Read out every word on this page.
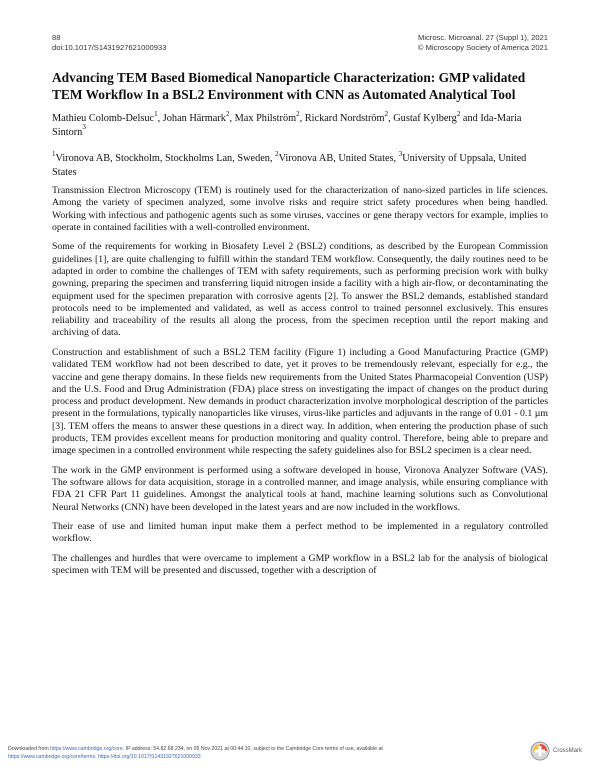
88
doi:10.1017/S1431927621000933
Microsc. Microanal. 27 (Suppl 1), 2021
© Microscopy Society of America 2021
Advancing TEM Based Biomedical Nanoparticle Characterization: GMP validated TEM Workflow In a BSL2 Environment with CNN as Automated Analytical Tool
Mathieu Colomb-Delsuc$^1$, Johan Härmark$^2$, Max Philström$^2$, Rickard Nordström$^2$, Gustaf Kylberg$^2$ and Ida-Maria Sintorn$^3$
$^1$Vironova AB, Stockholm, Stockholms Lan, Sweden, $^2$Vironova AB, United States, $^3$University of Uppsala, United States

Transmission Electron Microscopy (TEM) is routinely used for the characterization of nano-sized particles in life sciences. Among the variety of specimen analyzed, some involve risks and require strict safety procedures when being handled. Working with infectious and pathogenic agents such as some viruses, vaccines or gene therapy vectors for example, implies to operate in contained facilities with a well-controlled environment.

Some of the requirements for working in Biosafety Level 2 (BSL2) conditions, as described by the European Commission guidelines [1], are quite challenging to fulfill within the standard TEM workflow. Consequently, the daily routines need to be adapted in order to combine the challenges of TEM with safety requirements, such as performing precision work with bulky gowning, preparing the specimen and transferring liquid nitrogen inside a facility with a high air-flow, or decontaminating the equipment used for the specimen preparation with corrosive agents [2]. To answer the BSL2 demands, established standard protocols need to be implemented and validated, as well as access control to trained personnel exclusively. This ensures reliability and traceability of the results all along the process, from the specimen reception until the report making and archiving of data.

Construction and establishment of such a BSL2 TEM facility (Figure 1) including a Good Manufacturing Practice (GMP) validated TEM workflow had not been described to date, yet it proves to be tremendously relevant, especially for e.g., the vaccine and gene therapy domains. In these fields new requirements from the United States Pharmacopeial Convention (USP) and the U.S. Food and Drug Administration (FDA) place stress on investigating the impact of changes on the product during process and product development. New demands in product characterization involve morphological description of the particles present in the formulations, typically nanoparticles like viruses, virus-like particles and adjuvants in the range of 0.01 - 0.1 µm [3]. TEM offers the means to answer these questions in a direct way. In addition, when entering the production phase of such products, TEM provides excellent means for production monitoring and quality control. Therefore, being able to prepare and image specimen in a controlled environment while respecting the safety guidelines also for BSL2 specimen is a clear need.

The work in the GMP environment is performed using a software developed in house, Vironova Analyzer Software (VAS). The software allows for data acquisition, storage in a controlled manner, and image analysis, while ensuring compliance with FDA 21 CFR Part 11 guidelines. Amongst the analytical tools at hand, machine learning solutions such as Convolutional Neural Networks (CNN) have been developed in the latest years and are now included in the workflows.

Their ease of use and limited human input make them a perfect method to be implemented in a regulatory controlled workflow.

The challenges and hurdles that were overcame to implement a GMP workflow in a BSL2 lab for the analysis of biological specimen with TEM will be presented and discussed, together with a description of

Downloaded from https://www.cambridge.org/core. IP address: 54.82.68.234, on 05 Nov 2021 at 00:44:10, subject to the Cambridge Core terms of use, available at
https://www.cambridge.org/core/terms. https://doi.org/10.1017/S1431927621000933
CrossMark
